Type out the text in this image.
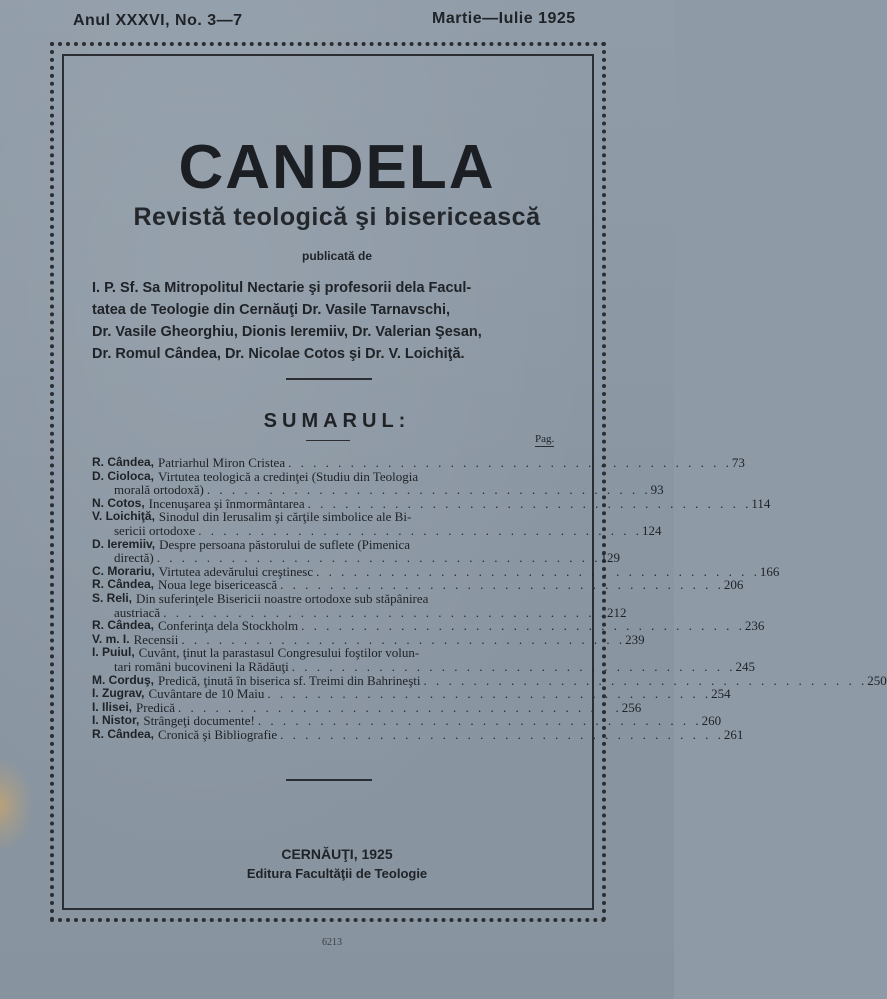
Anul XXXVI, No. 3—7	Martie—Iulie 1925
CANDELA
Revistă teologică şi bisericească
publicată de
I. P. Sf. Sa Mitropolitul Nectarie şi profesorii dela Facul-
tatea de Teologie din Cernăuţi Dr. Vasile Tarnavschi,
Dr. Vasile Gheorghiu, Dionis Ieremiiv, Dr. Valerian Şesan,
Dr. Romul Cândea, Dr. Nicolae Cotos şi Dr. V. Loichiţă.
SUMARUL:
Pag.
R. Cândea, Patriarhul Miron Cristea . . . . . . . . . . . . . . . . . . . . . . . . . . . . . . . . . . . . 73
D. Cioloca, Virtutea teologică a credinţei (Studiu din Teologia
morală ortodoxă) . . . . . . . . . . . . . . . . . . . . . . . . . . . . . . . . . . . . 93
N. Cotos, Incenuşarea şi înmormântarea . . . . . . . . . . . . . . . . . . . . . . . . . . . . . . . . . . . . 114
V. Loichiţă, Sinodul din Ierusalim şi cărţile simbolice ale Bi-
sericii ortodoxe . . . . . . . . . . . . . . . . . . . . . . . . . . . . . . . . . . . . 124
D. Ieremiiv, Despre persoana păstorului de suflete (Pimenica
directă) . . . . . . . . . . . . . . . . . . . . . . . . . . . . . . . . . . . . 129
C. Morariu, Virtutea adevărului creştinesc . . . . . . . . . . . . . . . . . . . . . . . . . . . . . . . . . . . . 166
R. Cândea, Noua lege bisericească . . . . . . . . . . . . . . . . . . . . . . . . . . . . . . . . . . . . 206
S. Reli, Din suferinţele Bisericii noastre ortodoxe sub stăpânirea
austriacă . . . . . . . . . . . . . . . . . . . . . . . . . . . . . . . . . . . . 212
R. Cândea, Conferinţa dela Stockholm . . . . . . . . . . . . . . . . . . . . . . . . . . . . . . . . . . . . 236
V. m. I. Recensii . . . . . . . . . . . . . . . . . . . . . . . . . . . . . . . . . . . . 239
I. Puiul, Cuvânt, ţinut la parastasul Congresului foştilor volun-
tari români bucovineni la Rădăuţi . . . . . . . . . . . . . . . . . . . . . . . . . . . . . . . . . . . . 245
M. Corduş, Predică, ţinută în biserica sf. Treimi din Bahrineşti . . . . . . . . . . . . . . . . . . . . . . . . . . . . . . . . . . . . 250
I. Zugrav, Cuvântare de 10 Maiu . . . . . . . . . . . . . . . . . . . . . . . . . . . . . . . . . . . . 254
I. Ilisei, Predică . . . . . . . . . . . . . . . . . . . . . . . . . . . . . . . . . . . . 256
I. Nistor, Strângeţi documente! . . . . . . . . . . . . . . . . . . . . . . . . . . . . . . . . . . . . 260
R. Cândea, Cronică şi Bibliografie . . . . . . . . . . . . . . . . . . . . . . . . . . . . . . . . . . . . 261
CERNĂUŢI, 1925
Editura Facultăţii de Teologie
6213
